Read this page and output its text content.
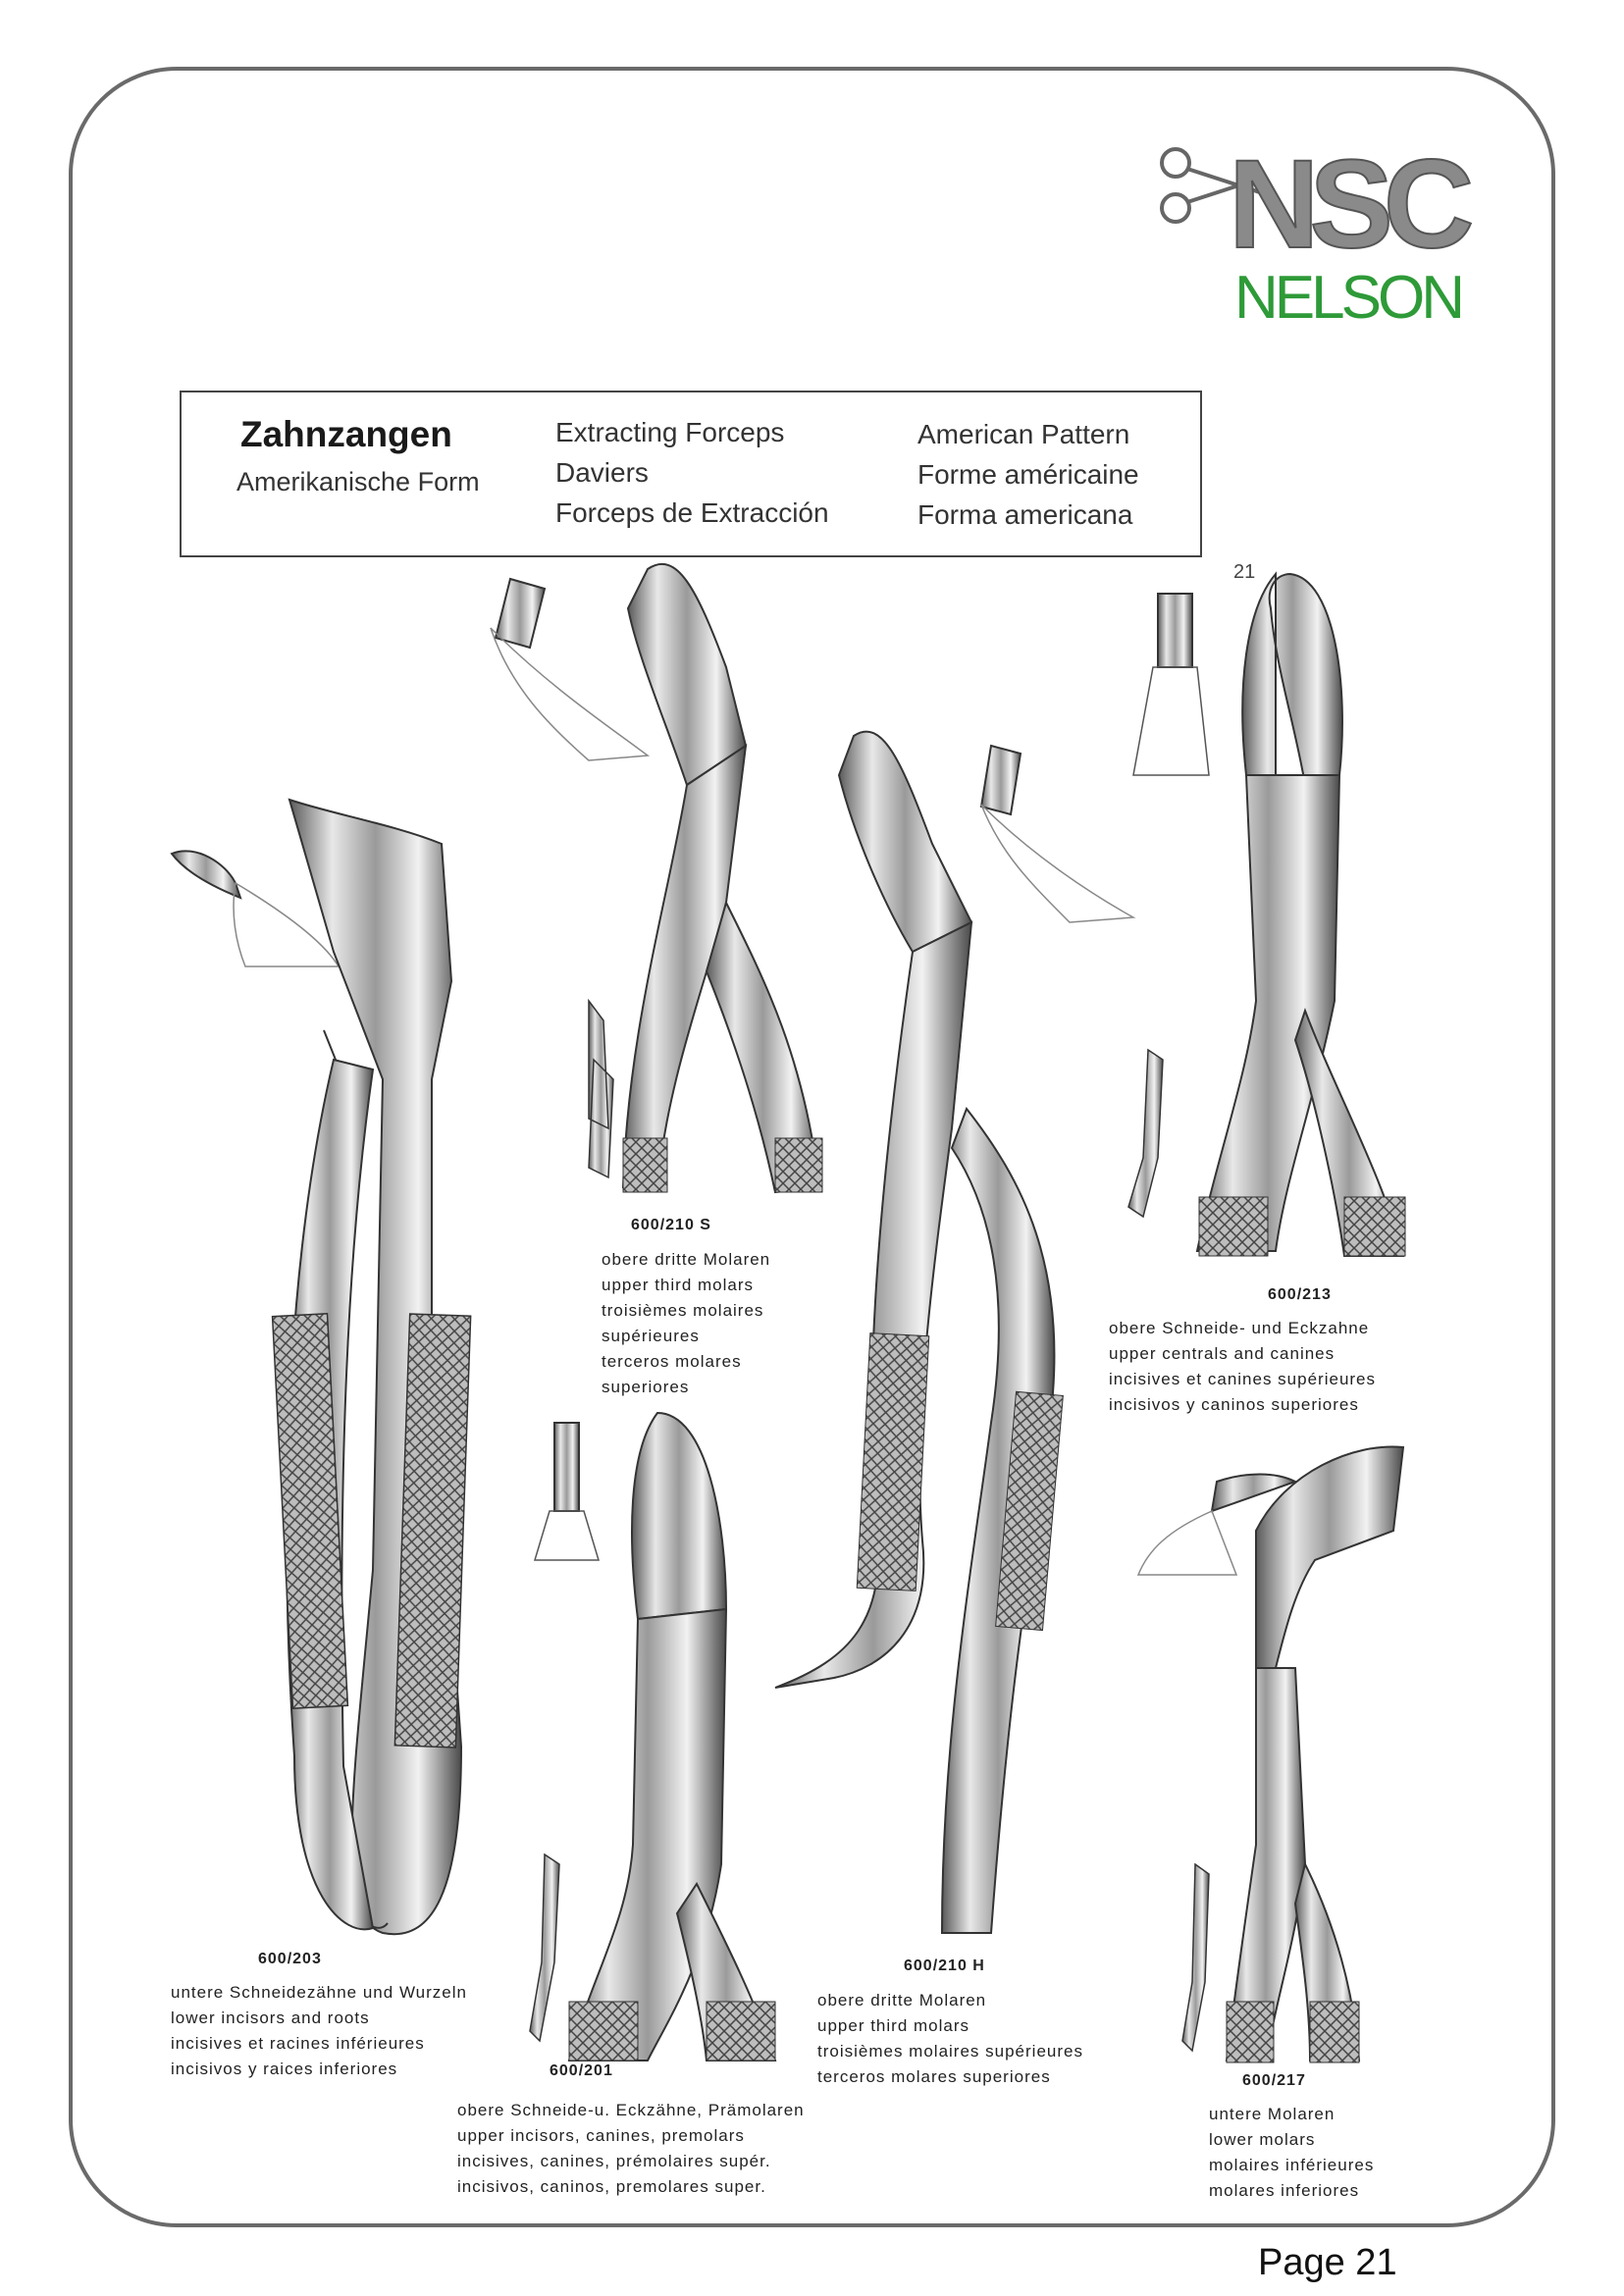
NSC
NELSON
Zahnzangen
Amerikanische Form
Extracting Forceps
Daviers
Forceps de Extracción
American Pattern
Forme américaine
Forma americana
21
600/203
untere Schneidezähne und Wurzeln
lower incisors and roots
incisives et racines inférieures
incisivos y raices inferiores
600/210 S
obere dritte Molaren
upper third molars
troisièmes molaires
supérieures
terceros molares
superiores
600/213
obere Schneide- und Eckzahne
upper centrals and canines
incisives et canines supérieures
incisivos y caninos superiores
600/201
obere Schneide-u. Eckzähne, Prämolaren
upper incisors, canines, premolars
incisives, canines, prémolaires supér.
incisivos, caninos, premolares super.
600/210 H
obere dritte Molaren
upper third molars
troisièmes molaires supérieures
terceros molares superiores	600/217
untere Molaren
lower molars
molaires inférieures
molares inferiores
Page 21
